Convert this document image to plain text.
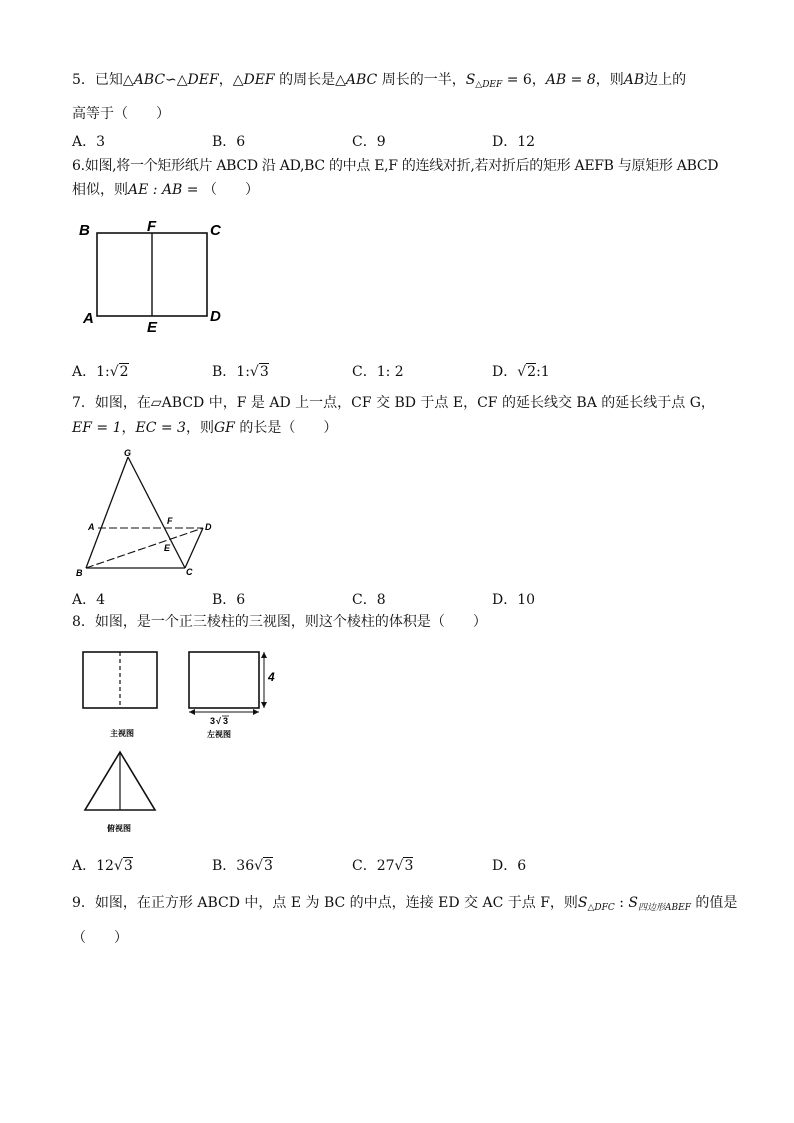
5．已知△ABC∽△DEF，△DEF 的周长是△ABC 周长的一半，$S_{\triangle DEF} = 6$，AB = 8，则AB边上的
高等于（　　）
A．3	B．6	C．9	D．12
6.如图,将一个矩形纸片 ABCD 沿 AD,BC 的中点 E,F 的连线对折,若对折后的矩形 AEFB 与原矩形 ABCD
相似，则AE : AB = （　　）
B	F	C
A
E
D
A．1:√2	B．1:√3	C．1: 2	D．√2:1
7．如图，在▱ABCD 中，F 是 AD 上一点，CF 交 BD 于点 E，CF 的延长线交 BA 的延长线于点 G，
EF = 1，EC = 3，则GF 的长是（　　）
G
A
F
D
E
B	C
A．4	B．6	C．8	D．10
8．如图，是一个正三棱柱的三视图，则这个棱柱的体积是（　　）
主视图
4
3 √ 3
左视图
俯视图
A．12√3	B．36√3	C．27√3	D．6
9．如图，在正方形 ABCD 中，点 E 为 BC 的中点，连接 ED 交 AC 于点 F，则$S_{\triangle DFC}$ : $S_{四边形ABEF}$ 的值是
（　　）
